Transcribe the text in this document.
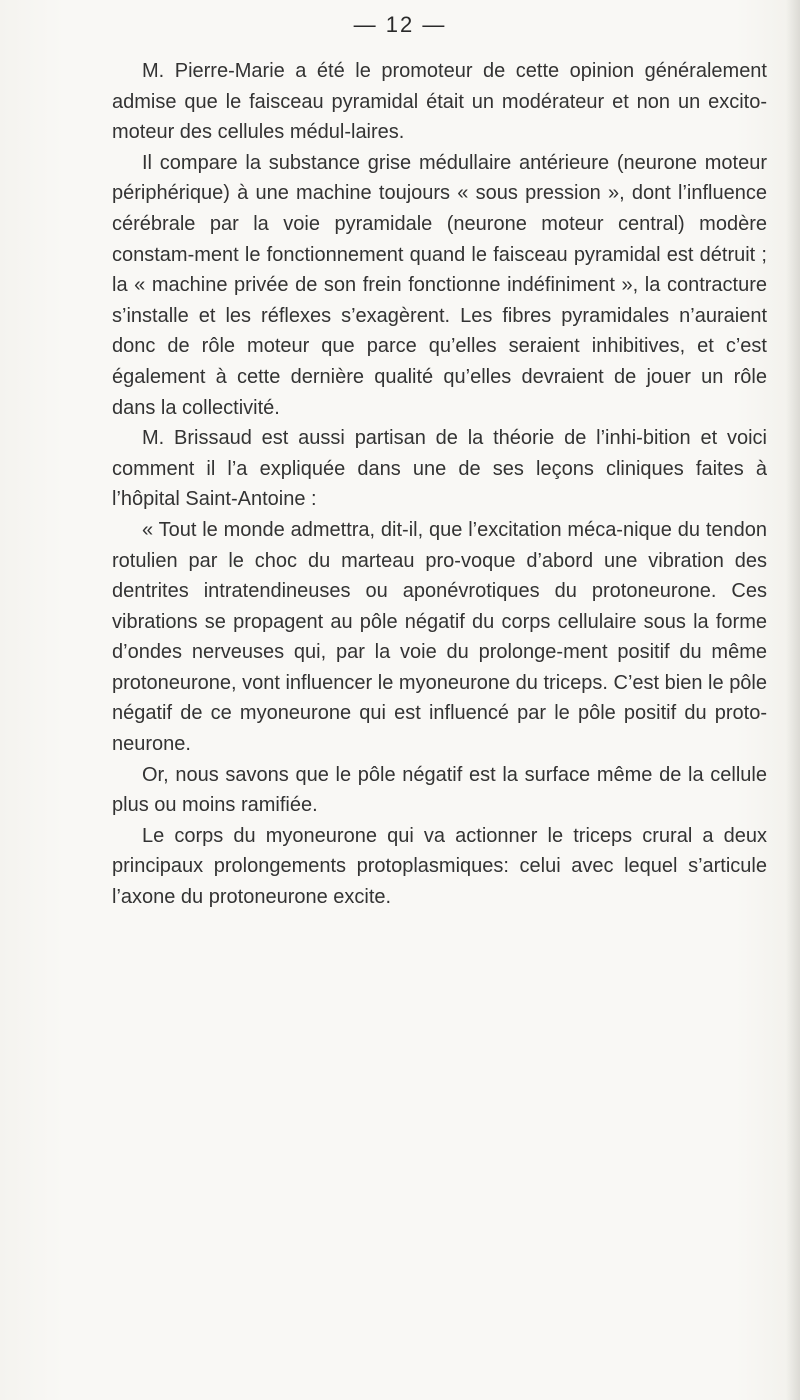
— 12 —

M. Pierre-Marie a été le promoteur de cette opinion généralement admise que le faisceau pyramidal était un modérateur et non un excito-moteur des cellules médul-laires.

Il compare la substance grise médullaire antérieure (neurone moteur périphérique) à une machine toujours « sous pression », dont l’influence cérébrale par la voie pyramidale (neurone moteur central) modère constam-ment le fonctionnement quand le faisceau pyramidal est détruit ; la « machine privée de son frein fonctionne indéfiniment », la contracture s’installe et les réflexes s’exagèrent. Les fibres pyramidales n’auraient donc de rôle moteur que parce qu’elles seraient inhibitives, et c’est également à cette dernière qualité qu’elles devraient de jouer un rôle dans la collectivité.

M. Brissaud est aussi partisan de la théorie de l’inhi-bition et voici comment il l’a expliquée dans une de ses leçons cliniques faites à l’hôpital Saint-Antoine :

« Tout le monde admettra, dit-il, que l’excitation méca-nique du tendon rotulien par le choc du marteau pro-voque d’abord une vibration des dentrites intratendineuses ou aponévrotiques du protoneurone. Ces vibrations se propagent au pôle négatif du corps cellulaire sous la forme d’ondes nerveuses qui, par la voie du prolonge-ment positif du même protoneurone, vont influencer le myoneurone du triceps. C’est bien le pôle négatif de ce myoneurone qui est influencé par le pôle positif du proto-neurone.

Or, nous savons que le pôle négatif est la surface même de la cellule plus ou moins ramifiée.

Le corps du myoneurone qui va actionner le triceps crural a deux principaux prolongements protoplasmiques: celui avec lequel s’articule l’axone du protoneurone excite.
